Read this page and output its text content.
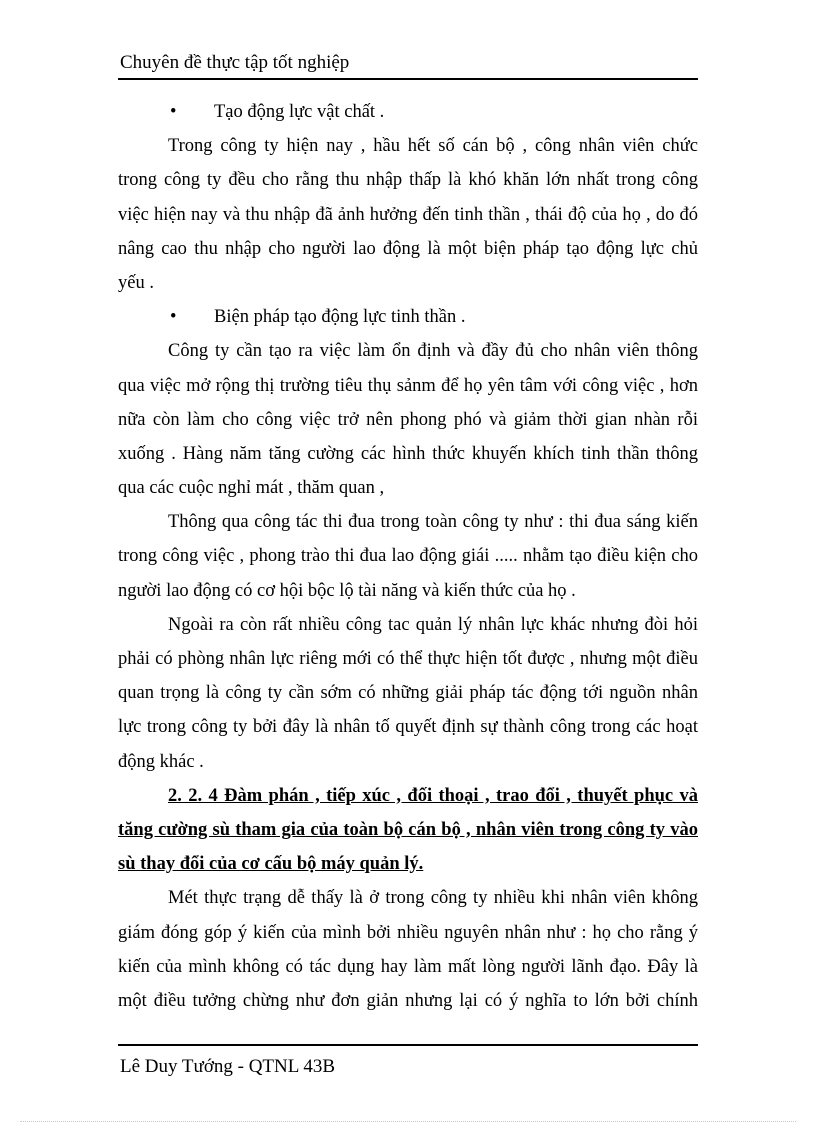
Chuyên đề thực tập tốt nghiệp
• Tạo động lực vật chất .
Trong công ty hiện nay , hầu hết số cán bộ , công nhân viên chức
trong công ty đều cho rằng thu nhập thấp là khó khăn lớn nhất trong công
việc hiện nay và thu nhập đã ảnh hưởng đến tinh thần , thái độ của họ , do đó
nâng cao thu nhập cho người lao động là một biện pháp tạo động lực chủ
yếu .
• Biện pháp tạo động lực tinh thần .
Công ty cần tạo ra việc làm ổn định và đầy đủ cho nhân viên thông
qua việc mở rộng thị trường tiêu thụ sảnm để họ yên tâm với công việc , hơn
nữa còn làm cho công việc trở nên phong phó và giảm thời gian nhàn rỗi
xuống . Hàng năm tăng cường các hình thức khuyến khích tinh thần thông
qua các cuộc nghỉ mát , thăm quan ,
Thông qua công tác thi đua trong toàn công ty như : thi đua sáng kiến
trong công việc , phong trào thi đua lao động giái ..... nhằm tạo điều kiện cho
người lao động có cơ hội bộc lộ tài năng và kiến thức của họ .
Ngoài ra còn rất nhiều công tac quản lý nhân lực khác nhưng đòi hỏi
phải có phòng nhân lực riêng mới có thể thực hiện tốt được , nhưng một điều
quan trọng là công ty cần sớm có những giải pháp tác động tới nguồn nhân
lực trong công ty bởi đây là nhân tố quyết định sự thành công trong các hoạt
động khác .
2. 2. 4 Đàm phán , tiếp xúc , đối thoại , trao đổi , thuyết phục và
tăng cường sù tham gia của toàn bộ cán bộ , nhân viên trong công ty vào
sù thay đổi của cơ cấu bộ máy quản lý.
Mét thực trạng dễ thấy là ở trong công ty nhiều khi nhân viên không
giám đóng góp ý kiến của mình bởi nhiều nguyên nhân như : họ cho rằng ý
kiến của mình không có tác dụng hay làm mất lòng người lãnh đạo. Đây là
một điều tưởng chừng như đơn giản nhưng lại có ý nghĩa to lớn bởi chính
Lê Duy Tướng - QTNL 43B
